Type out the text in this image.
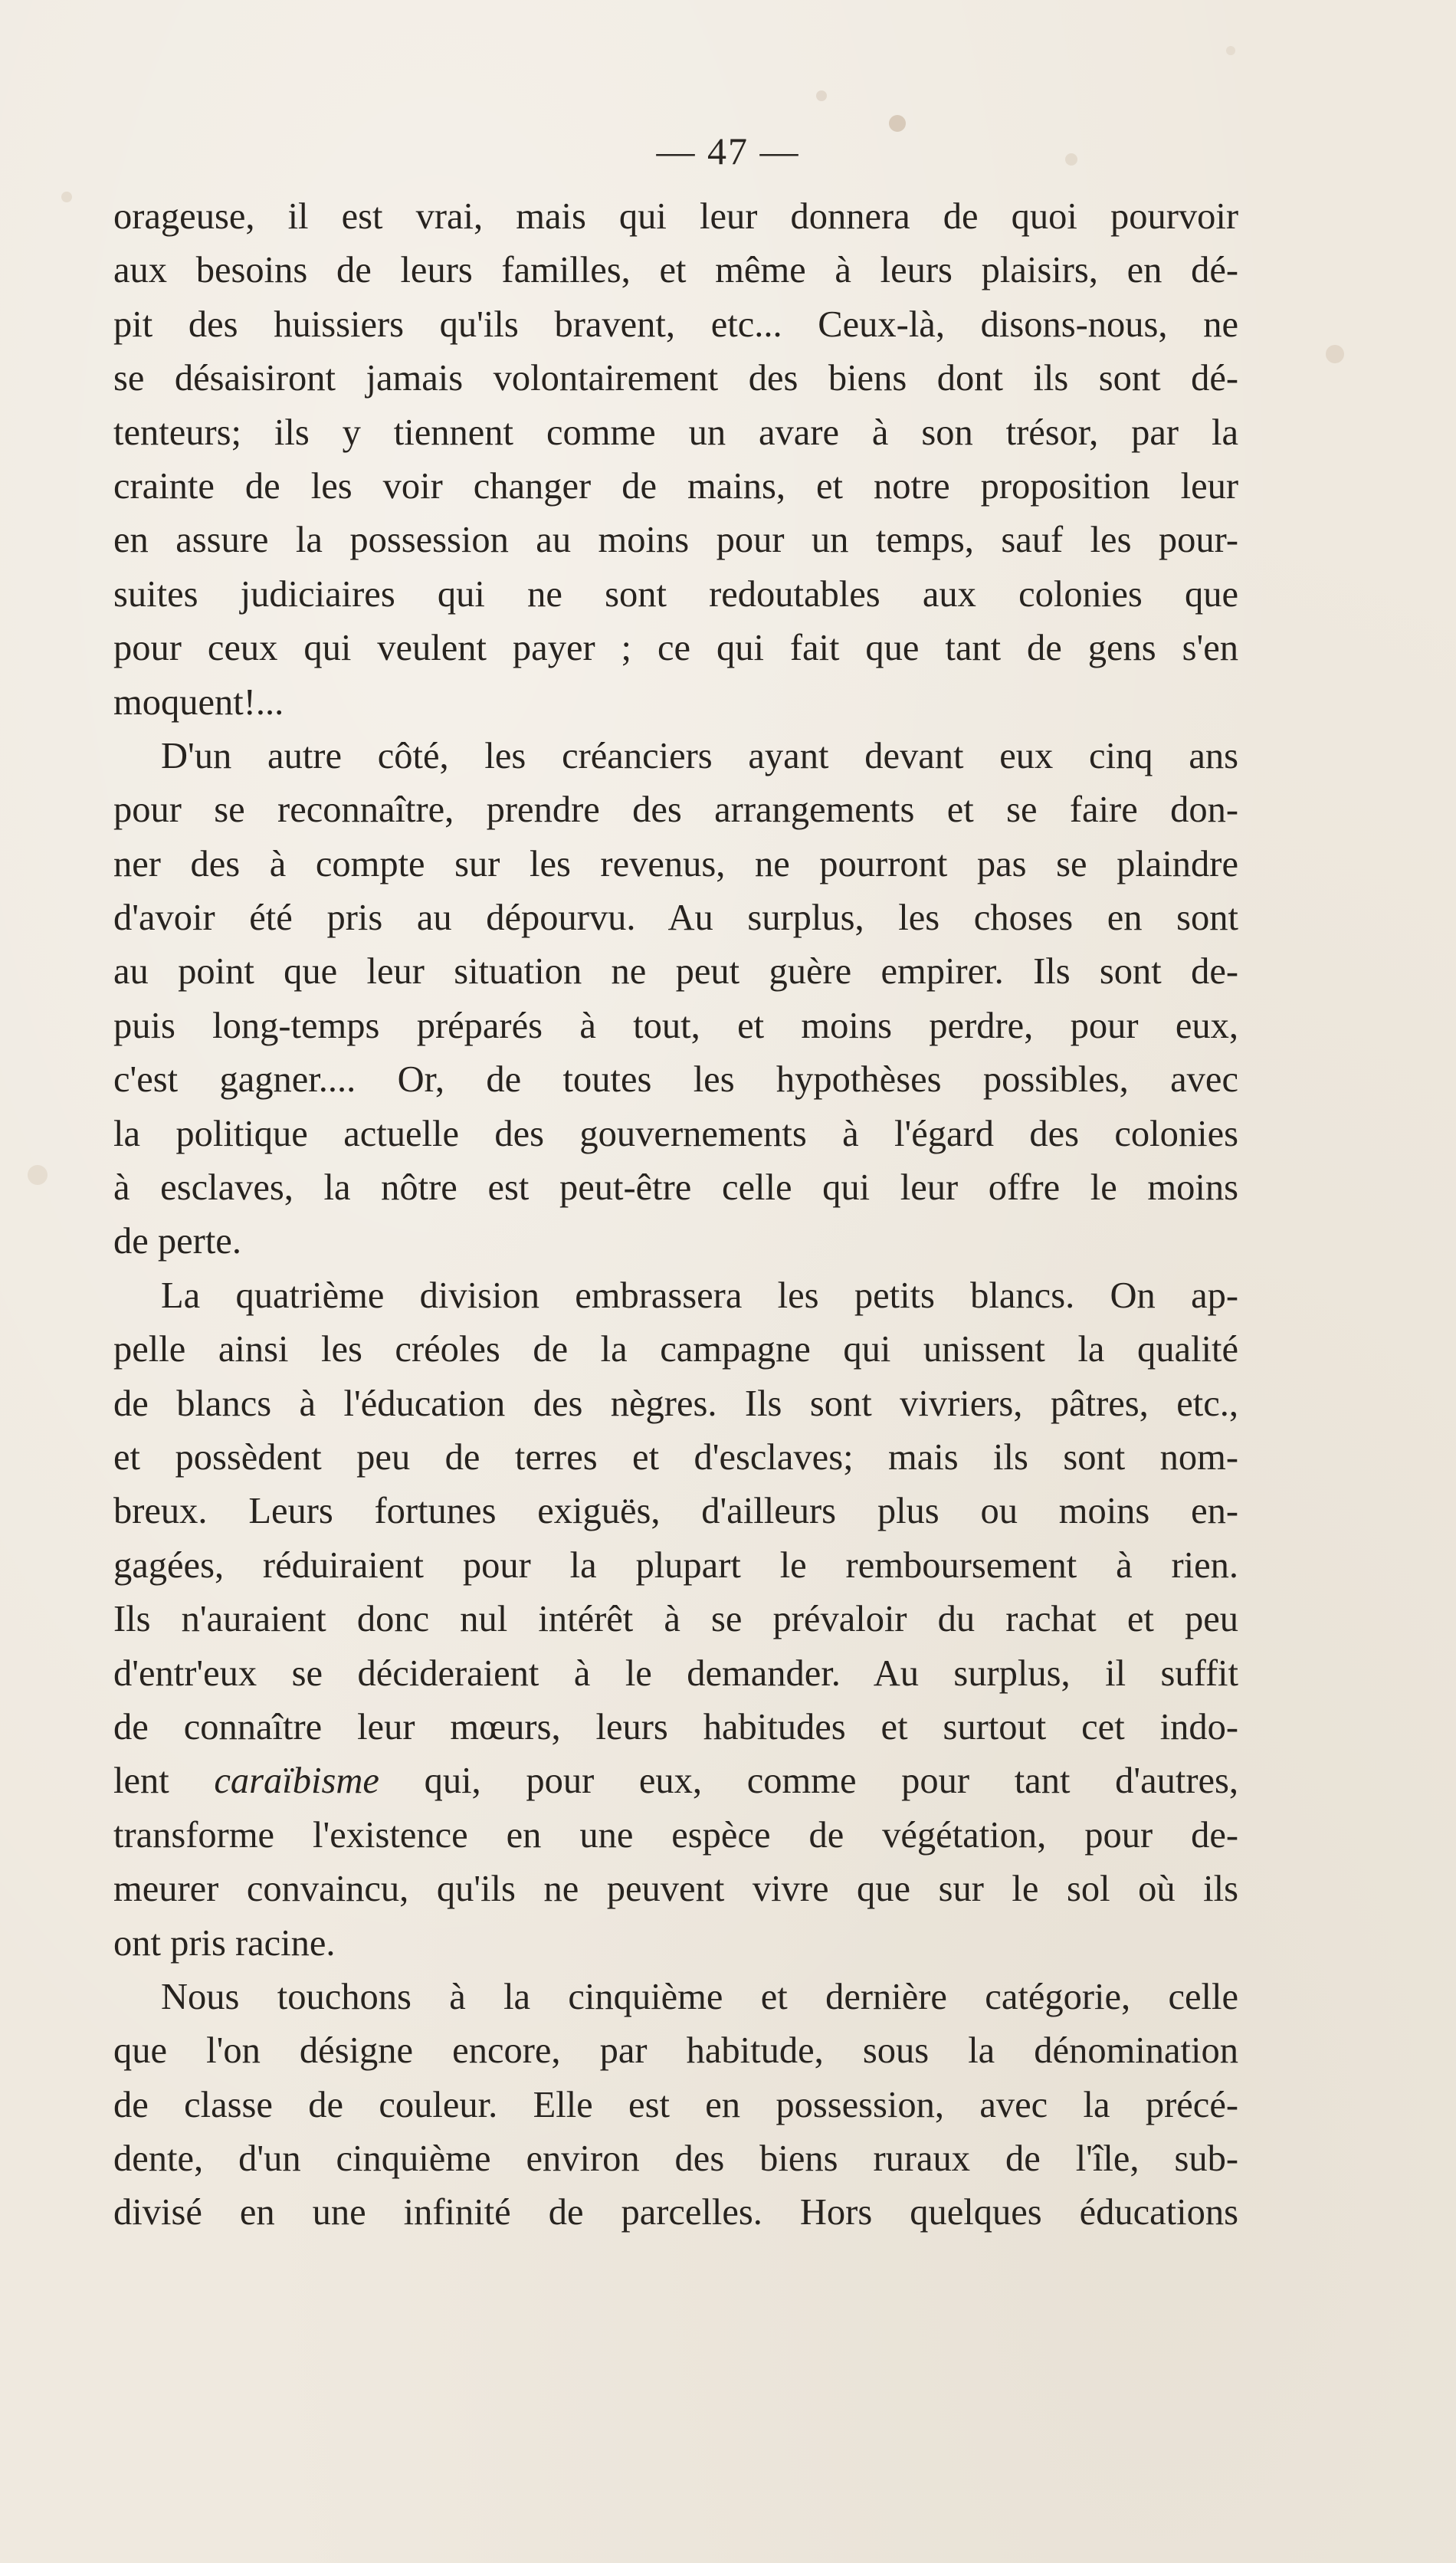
— 47 —
orageuse, il est vrai, mais qui leur donnera de quoi pourvoir
aux besoins de leurs familles, et même à leurs plaisirs, en dé-
pit des huissiers qu'ils bravent, etc... Ceux-là, disons-nous, ne
se désaisiront jamais volontairement des biens dont ils sont dé-
tenteurs; ils y tiennent comme un avare à son trésor, par la
crainte de les voir changer de mains, et notre proposition leur
en assure la possession au moins pour un temps, sauf les pour-
suites judiciaires qui ne sont redoutables aux colonies que
pour ceux qui veulent payer ; ce qui fait que tant de gens s'en
moquent!...
D'un autre côté, les créanciers ayant devant eux cinq ans
pour se reconnaître, prendre des arrangements et se faire don-
ner des à compte sur les revenus, ne pourront pas se plaindre
d'avoir été pris au dépourvu. Au surplus, les choses en sont
au point que leur situation ne peut guère empirer. Ils sont de-
puis long-temps préparés à tout, et moins perdre, pour eux,
c'est gagner.... Or, de toutes les hypothèses possibles, avec
la politique actuelle des gouvernements à l'égard des colonies
à esclaves, la nôtre est peut-être celle qui leur offre le moins
de perte.
La quatrième division embrassera les petits blancs. On ap-
pelle ainsi les créoles de la campagne qui unissent la qualité
de blancs à l'éducation des nègres. Ils sont vivriers, pâtres, etc.,
et possèdent peu de terres et d'esclaves; mais ils sont nom-
breux. Leurs fortunes exiguës, d'ailleurs plus ou moins en-
gagées, réduiraient pour la plupart le remboursement à rien.
Ils n'auraient donc nul intérêt à se prévaloir du rachat et peu
d'entr'eux se décideraient à le demander. Au surplus, il suffit
de connaître leur mœurs, leurs habitudes et surtout cet indo-
lent caraïbisme qui, pour eux, comme pour tant d'autres,
transforme l'existence en une espèce de végétation, pour de-
meurer convaincu, qu'ils ne peuvent vivre que sur le sol où ils
ont pris racine.
Nous touchons à la cinquième et dernière catégorie, celle
que l'on désigne encore, par habitude, sous la dénomination
de classe de couleur. Elle est en possession, avec la précé-
dente, d'un cinquième environ des biens ruraux de l'île, sub-
divisé en une infinité de parcelles. Hors quelques éducations
